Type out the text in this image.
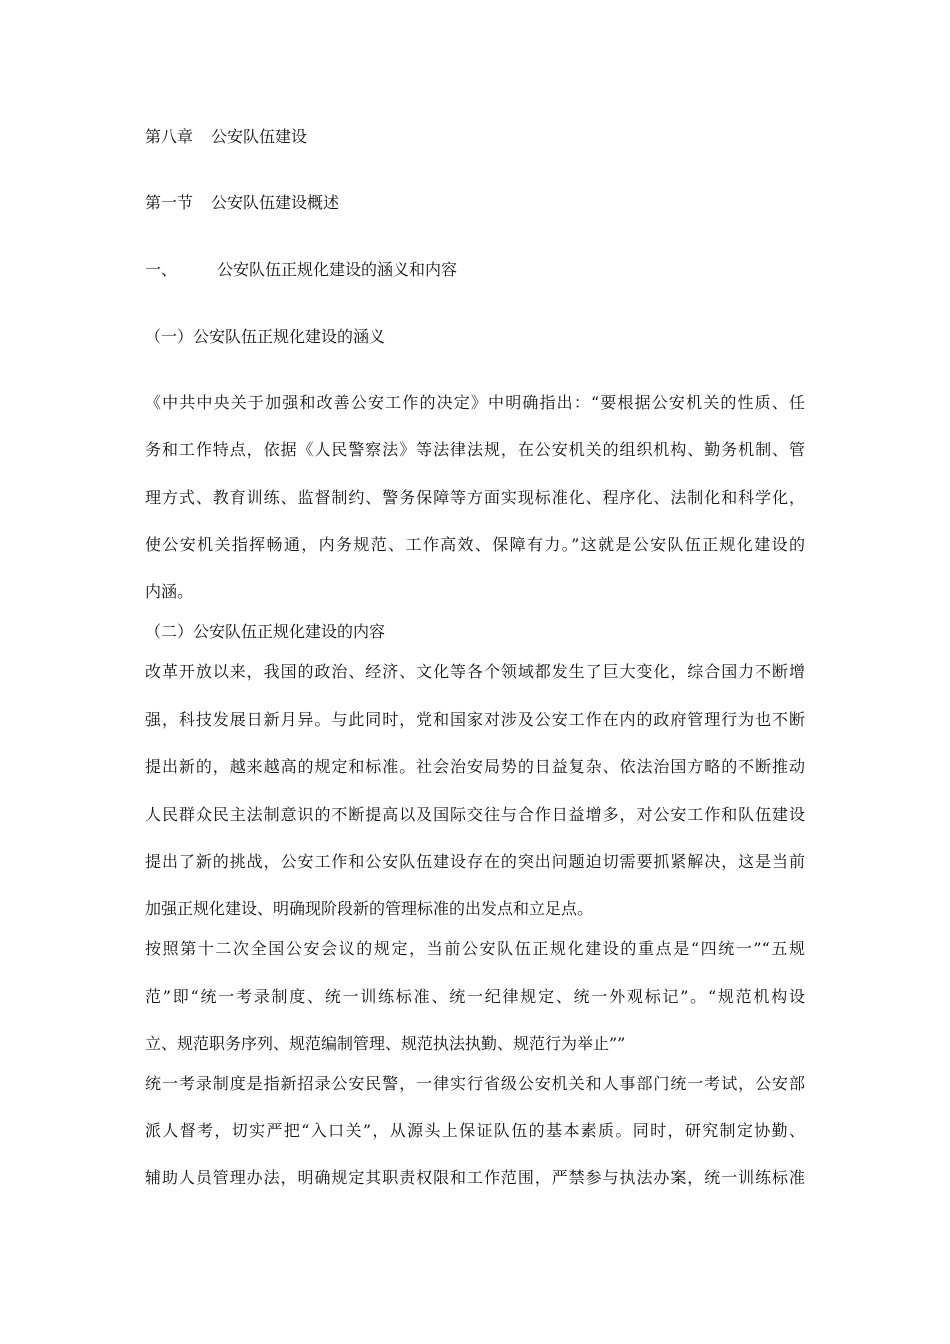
第八章 公安队伍建设
第一节 公安队伍建设概述
一、	公安队伍正规化建设的涵义和内容
（一）公安队伍正规化建设的涵义
《中共中央关于加强和改善公安工作的决定》中明确指出：“要根据公安机关的性质、任
务和工作特点，依据《人民警察法》等法律法规，在公安机关的组织机构、勤务机制、管
理方式、教育训练、监督制约、警务保障等方面实现标准化、程序化、法制化和科学化，
使公安机关指挥畅通，内务规范、工作高效、保障有力。”这就是公安队伍正规化建设的
内涵。
（二）公安队伍正规化建设的内容
改革开放以来，我国的政治、经济、文化等各个领域都发生了巨大变化，综合国力不断增
强，科技发展日新月异。与此同时，党和国家对涉及公安工作在内的政府管理行为也不断
提出新的，越来越高的规定和标准。社会治安局势的日益复杂、依法治国方略的不断推动
人民群众民主法制意识的不断提高以及国际交往与合作日益增多，对公安工作和队伍建设
提出了新的挑战，公安工作和公安队伍建设存在的突出问题迫切需要抓紧解决，这是当前
加强正规化建设、明确现阶段新的管理标准的出发点和立足点。
按照第十二次全国公安会议的规定，当前公安队伍正规化建设的重点是“四统一”“五规
范”即“统一考录制度、统一训练标准、统一纪律规定、统一外观标记”。“规范机构设
立、规范职务序列、规范编制管理、规范执法执勤、规范行为举止””
统一考录制度是指新招录公安民警，一律实行省级公安机关和人事部门统一考试，公安部
派人督考，切实严把“入口关”，从源头上保证队伍的基本素质。同时，研究制定协勤、
辅助人员管理办法，明确规定其职责权限和工作范围，严禁参与执法办案，统一训练标准
